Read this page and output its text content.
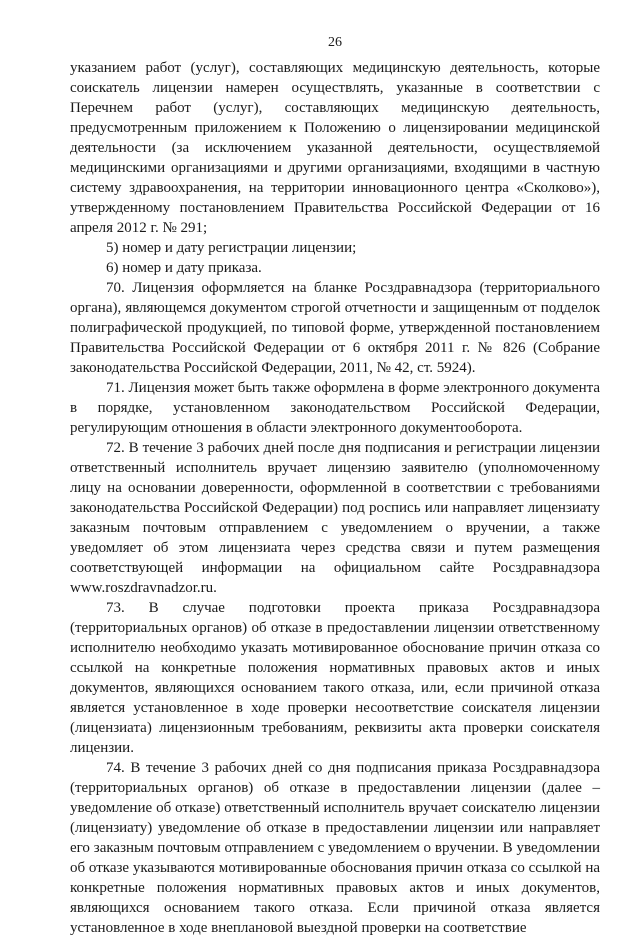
26

указанием работ (услуг), составляющих медицинскую деятельность, которые соискатель лицензии намерен осуществлять, указанные в соответствии с Перечнем работ (услуг), составляющих медицинскую деятельность, предусмотренным приложением к Положению о лицензировании медицинской деятельности (за исключением указанной деятельности, осуществляемой медицинскими организациями и другими организациями, входящими в частную систему здравоохранения, на территории инновационного центра «Сколково»), утвержденному постановлением Правительства Российской Федерации от 16 апреля 2012 г. № 291;

5) номер и дату регистрации лицензии;

6) номер и дату приказа.

70. Лицензия оформляется на бланке Росздравнадзора (территориального органа), являющемся документом строгой отчетности и защищенным от подделок полиграфической продукцией, по типовой форме, утвержденной постановлением Правительства Российской Федерации от 6 октября 2011 г. № 826 (Собрание законодательства Российской Федерации, 2011, № 42, ст. 5924).

71. Лицензия может быть также оформлена в форме электронного документа в порядке, установленном законодательством Российской Федерации, регулирующим отношения в области электронного документооборота.

72. В течение 3 рабочих дней после дня подписания и регистрации лицензии ответственный исполнитель вручает лицензию заявителю (уполномоченному лицу на основании доверенности, оформленной в соответствии с требованиями законодательства Российской Федерации) под роспись или направляет лицензиату заказным почтовым отправлением с уведомлением о вручении, а также уведомляет об этом лицензиата через средства связи и путем размещения соответствующей информации на официальном сайте Росздравнадзора www.roszdravnadzor.ru.

73. В случае подготовки проекта приказа Росздравнадзора (территориальных органов) об отказе в предоставлении лицензии ответственному исполнителю необходимо указать мотивированное обоснование причин отказа со ссылкой на конкретные положения нормативных правовых актов и иных документов, являющихся основанием такого отказа, или, если причиной отказа является установленное в ходе проверки несоответствие соискателя лицензии (лицензиата) лицензионным требованиям, реквизиты акта проверки соискателя лицензии.

74. В течение 3 рабочих дней со дня подписания приказа Росздравнадзора (территориальных органов) об отказе в предоставлении лицензии (далее – уведомление об отказе) ответственный исполнитель вручает соискателю лицензии (лицензиату) уведомление об отказе в предоставлении лицензии или направляет его заказным почтовым отправлением с уведомлением о вручении. В уведомлении об отказе указываются мотивированные обоснования причин отказа со ссылкой на конкретные положения нормативных правовых актов и иных документов, являющихся основанием такого отказа. Если причиной отказа является установленное в ходе внеплановой выездной проверки на соответствие
